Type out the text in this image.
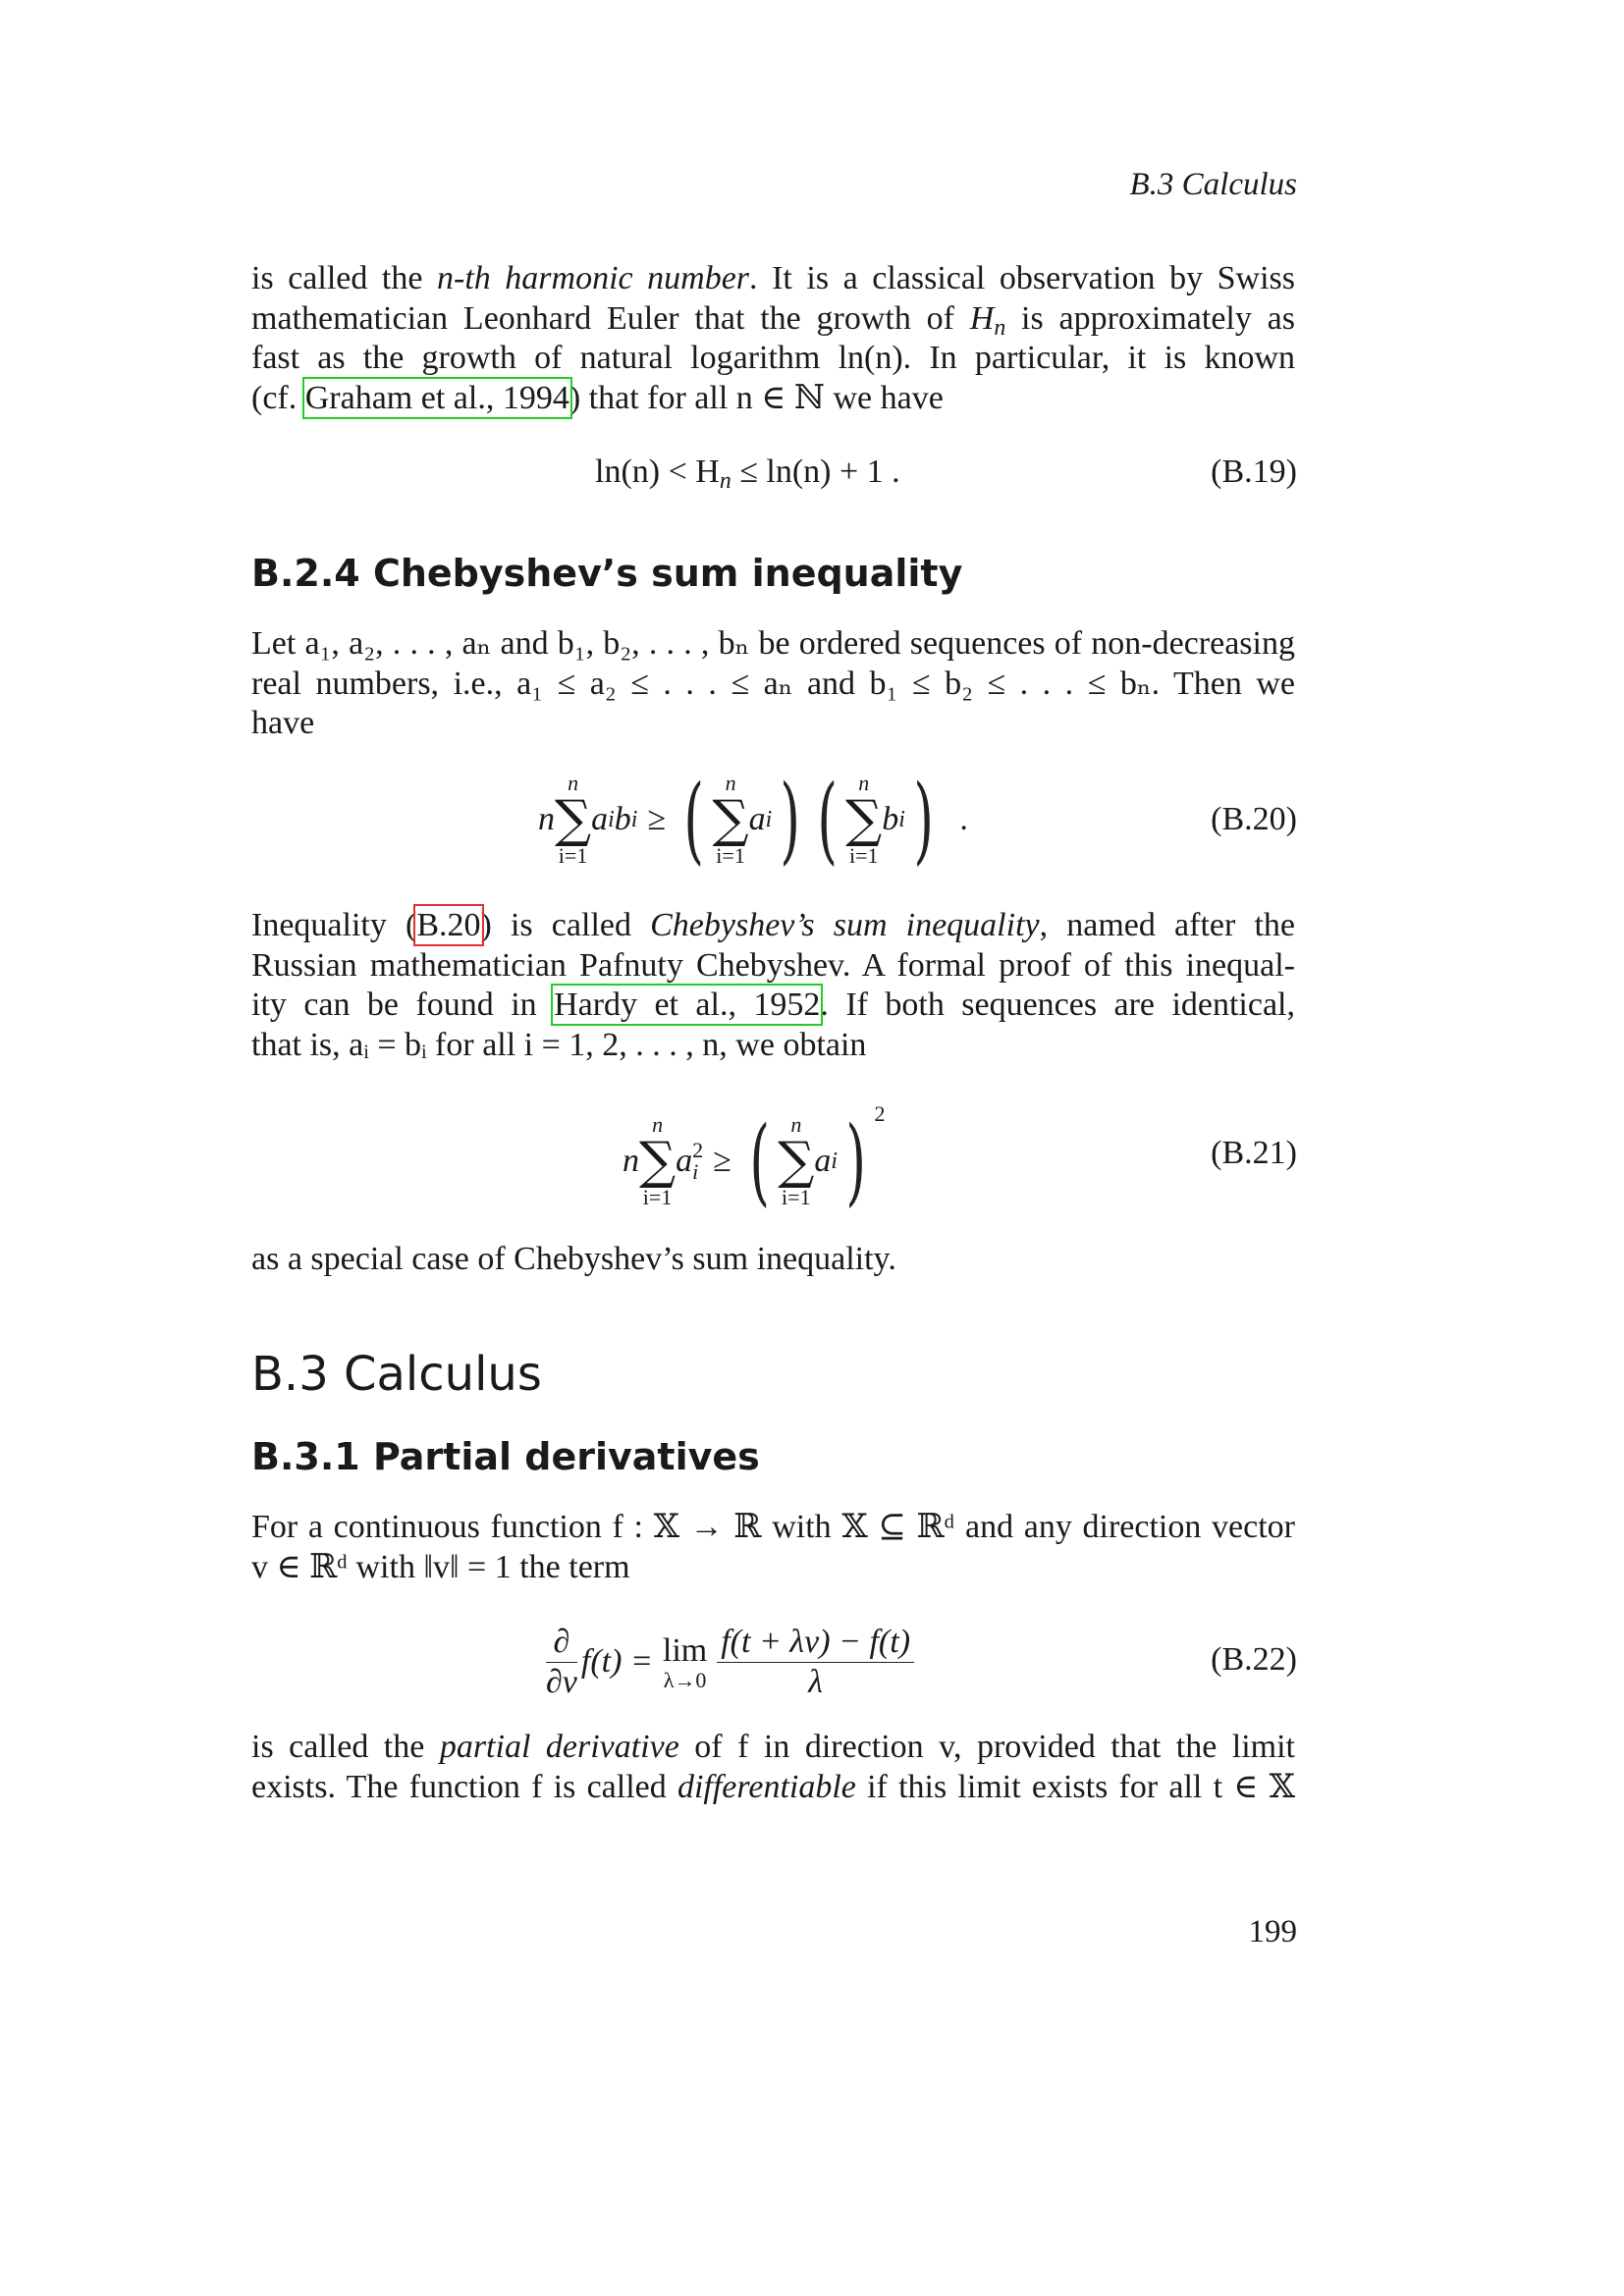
B.3 Calculus
is called the n-th harmonic number. It is a classical observation by Swiss
mathematician Leonhard Euler that the growth of Hn is approximately as
fast as the growth of natural logarithm ln(n). In particular, it is known
(cf. Graham et al., 1994) that for all n ∈ ℕ we have
ln(n) < Hn ≤ ln(n) + 1 .	(B.19)
B.2.4 Chebyshev’s sum inequality
Let a₁, a₂, . . . , aₙ and b₁, b₂, . . . , bₙ be ordered sequences of non-decreasing
real numbers, i.e., a₁ ≤ a₂ ≤ . . . ≤ aₙ and b₁ ≤ b₂ ≤ . . . ≤ bₙ. Then we
have
n
n
∑
i=1
a i b i ≥ ( n
∑
i=1
a i ) ( n
∑
i=1
b i ) .	(B.20)
Inequality (B.20) is called Chebyshev’s sum inequality, named after the
Russian mathematician Pafnuty Chebyshev. A formal proof of this inequal-
ity can be found in Hardy et al., 1952. If both sequences are identical,
that is, aᵢ = bᵢ for all i = 1, 2, . . . , n, we obtain
n
n
∑
i=1
a 2
i ≥ ( n
∑
i=1
a i ) 2
(B.21)
as a special case of Chebyshev’s sum inequality.
B.3 Calculus
B.3.1 Partial derivatives
For a continuous function f : 𝕏 → ℝ with 𝕏 ⊆ ℝᵈ and any direction vector
v ∈ ℝᵈ with ‖v‖ = 1 the term
$\frac{\partial}{\partial v} f(t) = \lim$
$\lambda\to 0 \frac{f(t + \lambda v) - f(t)}{\lambda}$	(B.22)
is called the partial derivative of f in direction v, provided that the limit
exists. The function f is called differentiable if this limit exists for all t ∈ 𝕏
199
